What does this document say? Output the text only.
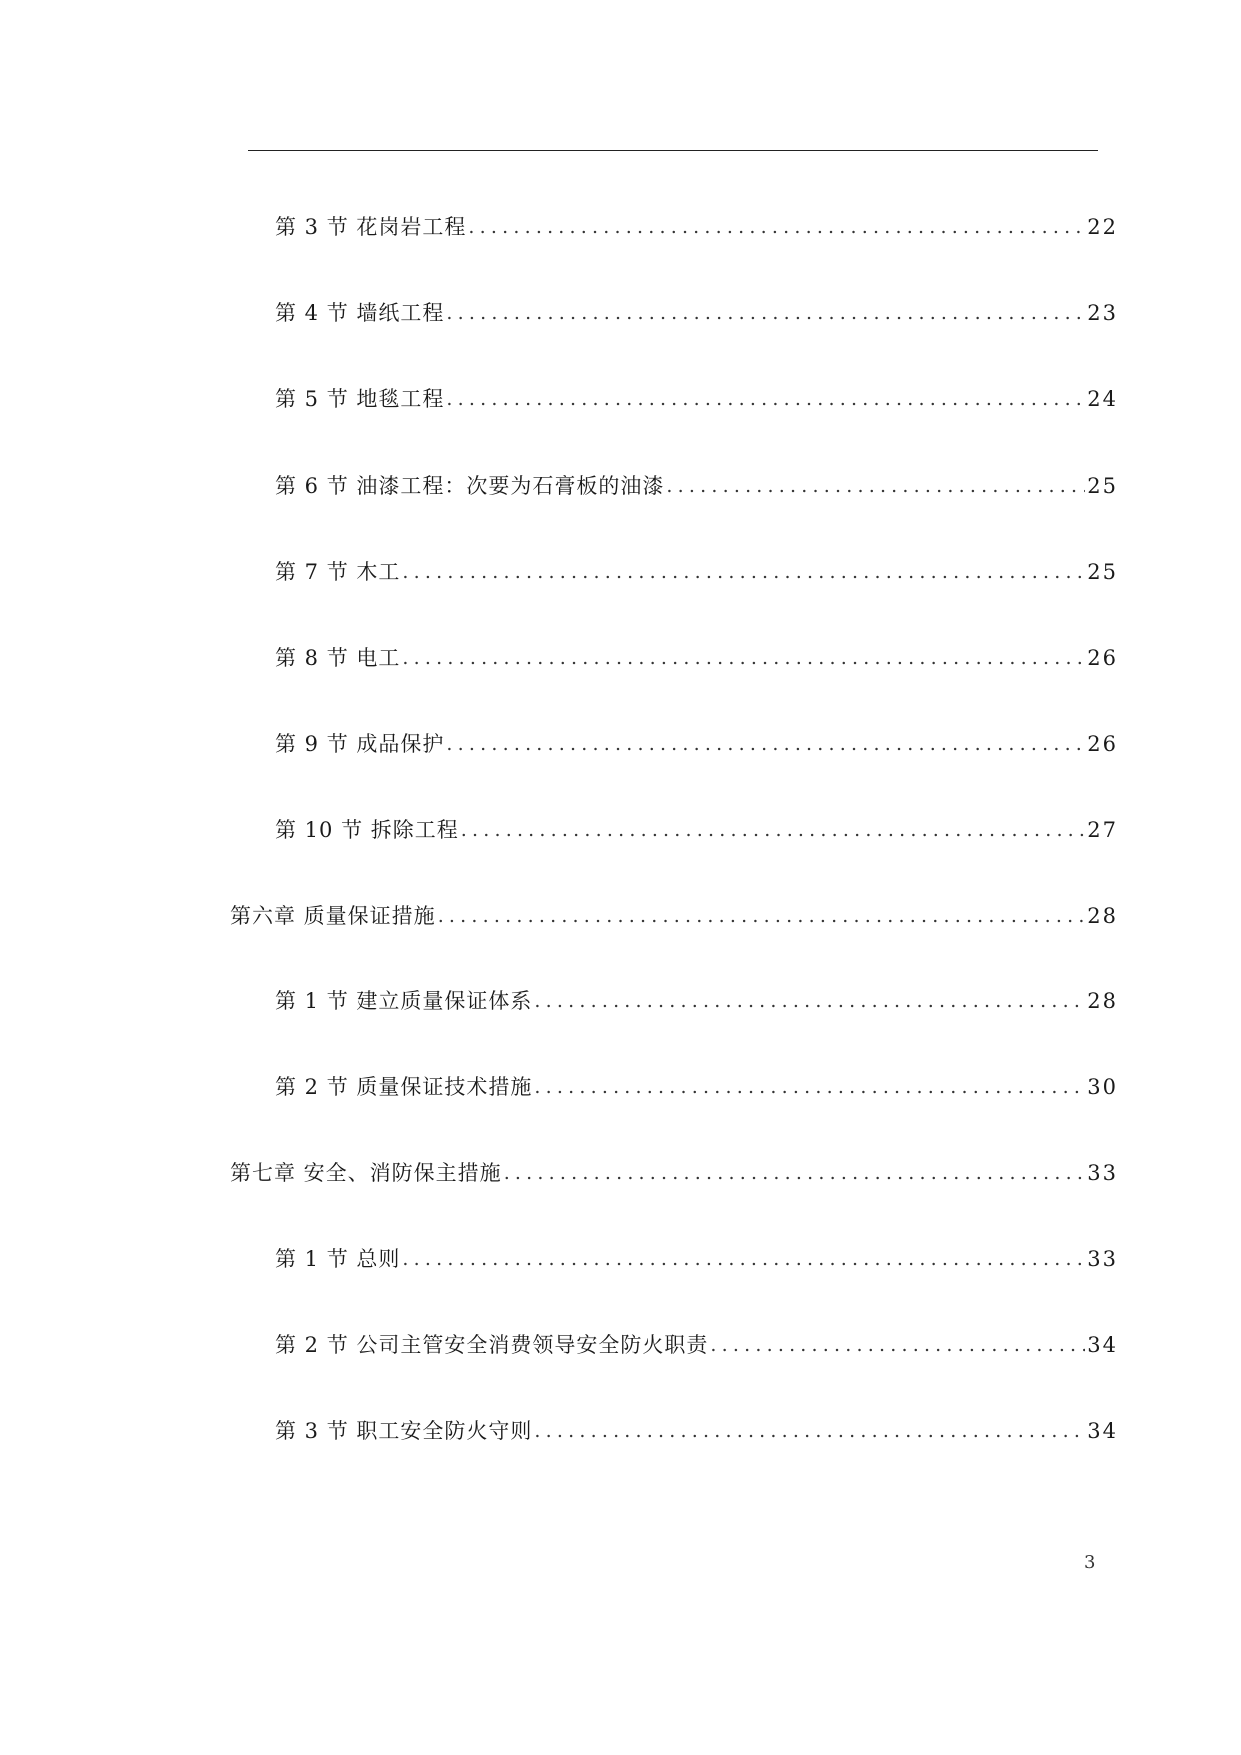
第 3 节 花岗岩工程 .....	22
第 4 节 墙纸工程 .....	23
第 5 节 地毯工程 .....	24
第 6 节 油漆工程：次要为石膏板的油漆 .....	25
第 7 节 木工 .....	25
第 8 节 电工 .....	26
第 9 节 成品保护 .....	26
第 10 节 拆除工程 .....	27
第六章 质量保证措施 .....	28
第 1 节 建立质量保证体系 .....	28
第 2 节 质量保证技术措施 .....	30
第七章 安全、消防保主措施 .....	33
第 1 节 总则 .....	33
第 2 节 公司主管安全消费领导安全防火职责 .....	34
第 3 节 职工安全防火守则 .....	34
3
